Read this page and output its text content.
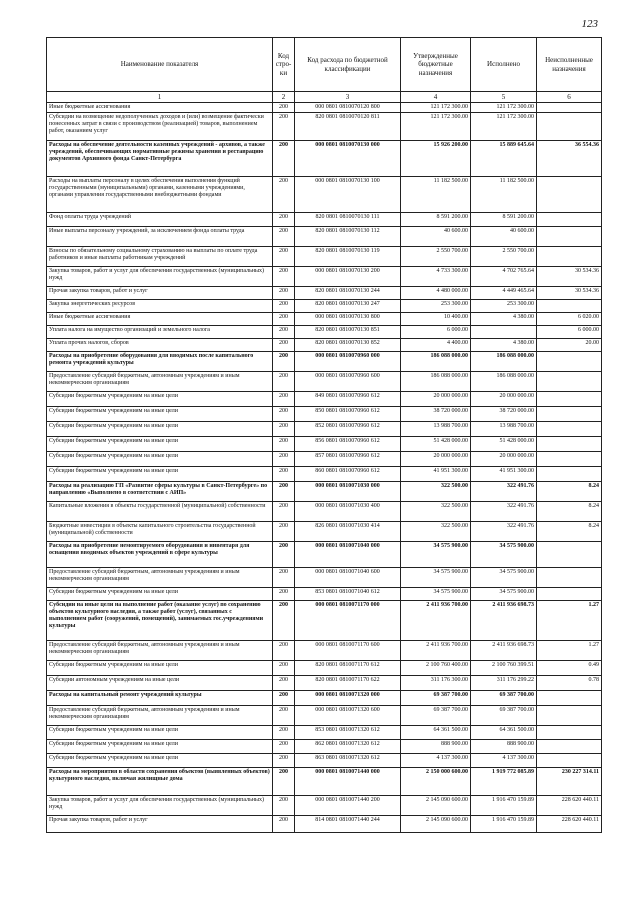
123
Наименование показателя	Код стро-ки	Код расхода по бюджетной классификации	Утвержденные бюджетные назначения	Исполнено	Неисполненные назначения
1	2	3	4	5	6
Иные бюджетные ассигнования	200	000 0801 0810070120 800	121 172 300.00	121 172 300.00	
Субсидии на возмещение недополученных доходов и (или) возмещение фактически понесенных затрат в связи с производством (реализацией) товаров, выполнением работ, оказанием услуг	200	820 0801 0810070120 811	121 172 300.00	121 172 300.00	
Расходы на обеспечение деятельности казенных учреждений - архивов, а также учреждений, обеспечивающих нормативные режимы хранения и реставрацию документов Архивного фонда Санкт-Петербурга	200	000 0801 0810070130 000	15 926 200.00	15 889 645.64	36 554.36
Расходы на выплаты персоналу в целях обеспечения выполнения функций государственными (муниципальными) органами, казенными учреждениями, органами управления государственными внебюджетными фондами	200	000 0801 0810070130 100	11 182 500.00	11 182 500.00	
Фонд оплаты труда учреждений	200	820 0801 0810070130 111	8 591 200.00	8 591 200.00	
Иные выплаты персоналу учреждений, за исключением фонда оплаты труда	200	820 0801 0810070130 112	40 600.00	40 600.00	
Взносы по обязательному социальному страхованию на выплаты по оплате труда работников и иные выплаты работникам учреждений	200	820 0801 0810070130 119	2 550 700.00	2 550 700.00	
Закупка товаров, работ и услуг для обеспечения государственных (муниципальных) нужд	200	000 0801 0810070130 200	4 733 300.00	4 702 765.64	30 534.36
Прочая закупка товаров, работ и услуг	200	820 0801 0810070130 244	4 480 000.00	4 449 465.64	30 534.36
Закупка энергетических ресурсов	200	820 0801 0810070130 247	253 300.00	253 300.00	
Иные бюджетные ассигнования	200	000 0801 0810070130 800	10 400.00	4 380.00	6 020.00
Уплата налога на имущество организаций и земельного налога	200	820 0801 0810070130 851	6 000.00		6 000.00
Уплата прочих налогов, сборов	200	820 0801 0810070130 852	4 400.00	4 380.00	20.00
Расходы на приобретение оборудования для вводимых после капитального ремонта учреждений культуры	200	000 0801 0810070960 000	186 088 000.00	186 088 000.00	
Предоставление субсидий бюджетным, автономным учреждениям и иным некоммерческим организациям	200	000 0801 0810070960 600	186 088 000.00	186 088 000.00	
Субсидии бюджетным учреждениям на иные цели	200	849 0801 0810070960 612	20 000 000.00	20 000 000.00	
Субсидии бюджетным учреждениям на иные цели	200	850 0801 0810070960 612	38 720 000.00	38 720 000.00	
Субсидии бюджетным учреждениям на иные цели	200	852 0801 0810070960 612	13 988 700.00	13 988 700.00	
Субсидии бюджетным учреждениям на иные цели	200	856 0801 0810070960 612	51 428 000.00	51 428 000.00	
Субсидии бюджетным учреждениям на иные цели	200	857 0801 0810070960 612	20 000 000.00	20 000 000.00	
Субсидии бюджетным учреждениям на иные цели	200	860 0801 0810070960 612	41 951 300.00	41 951 300.00	
Расходы на реализацию ГП «Развитие сферы культуры в Санкт-Петербурге» по направлению «Выполнено в соответствии с АИП»	200	000 0801 0810071030 000	322 500.00	322 491.76	8.24
Капитальные вложения в объекты государственной (муниципальной) собственности	200	000 0801 0810071030 400	322 500.00	322 491.76	8.24
Бюджетные инвестиции в объекты капитального строительства государственной (муниципальной) собственности	200	826 0801 0810071030 414	322 500.00	322 491.76	8.24
Расходы на приобретение немонтируемого оборудования и инвентаря для оснащения вводимых объектов учреждений в сфере культуры	200	000 0801 0810071040 000	34 575 900.00	34 575 900.00	
Предоставление субсидий бюджетным, автономным учреждениям и иным некоммерческим организациям	200	000 0801 0810071040 600	34 575 900.00	34 575 900.00	
Субсидии бюджетным учреждениям на иные цели	200	853 0801 0810071040 612	34 575 900.00	34 575 900.00	
Субсидии на иные цели на выполнение работ (оказание услуг) по сохранению объектов культурного наследия, а также работ (услуг), связанных с выполнением работ (сооружений, помещений), занимаемых гос.учреждениями культуры	200	000 0801 0810071170 000	2 411 936 700.00	2 411 936 698.73	1.27
Предоставление субсидий бюджетным, автономным учреждениям и иным некоммерческим организациям	200	000 0801 0810071170 600	2 411 936 700.00	2 411 936 698.73	1.27
Субсидии бюджетным учреждениям на иные цели	200	820 0801 0810071170 612	2 100 760 400.00	2 100 760 399.51	0.49
Субсидии автономным учреждениям на иные цели	200	820 0801 0810071170 622	311 176 300.00	311 176 299.22	0.78
Расходы на капитальный ремонт учреждений культуры	200	000 0801 0810071320 000	69 387 700.00	69 387 700.00	
Предоставление субсидий бюджетным, автономным учреждениям и иным некоммерческим организациям	200	000 0801 0810071320 600	69 387 700.00	69 387 700.00	
Субсидии бюджетным учреждениям на иные цели	200	853 0801 0810071320 612	64 361 500.00	64 361 500.00	
Субсидии бюджетным учреждениям на иные цели	200	862 0801 0810071320 612	888 900.00	888 900.00	
Субсидии бюджетным учреждениям на иные цели	200	863 0801 0810071320 612	4 137 300.00	4 137 300.00	
Расходы на мероприятия в области сохранения объектов (выявленных объектов) культурного наследия, включая жилищные дома	200	000 0801 0810071440 000	2 150 000 600.00	1 919 772 085.89	230 227 314.11
Закупка товаров, работ и услуг для обеспечения государственных (муниципальных) нужд	200	000 0801 0810071440 200	2 145 090 600.00	1 916 470 159.89	228 620 440.11
Прочая закупка товаров, работ и услуг	200	814 0801 0810071440 244	2 145 090 600.00	1 916 470 159.89	228 620 440.11
